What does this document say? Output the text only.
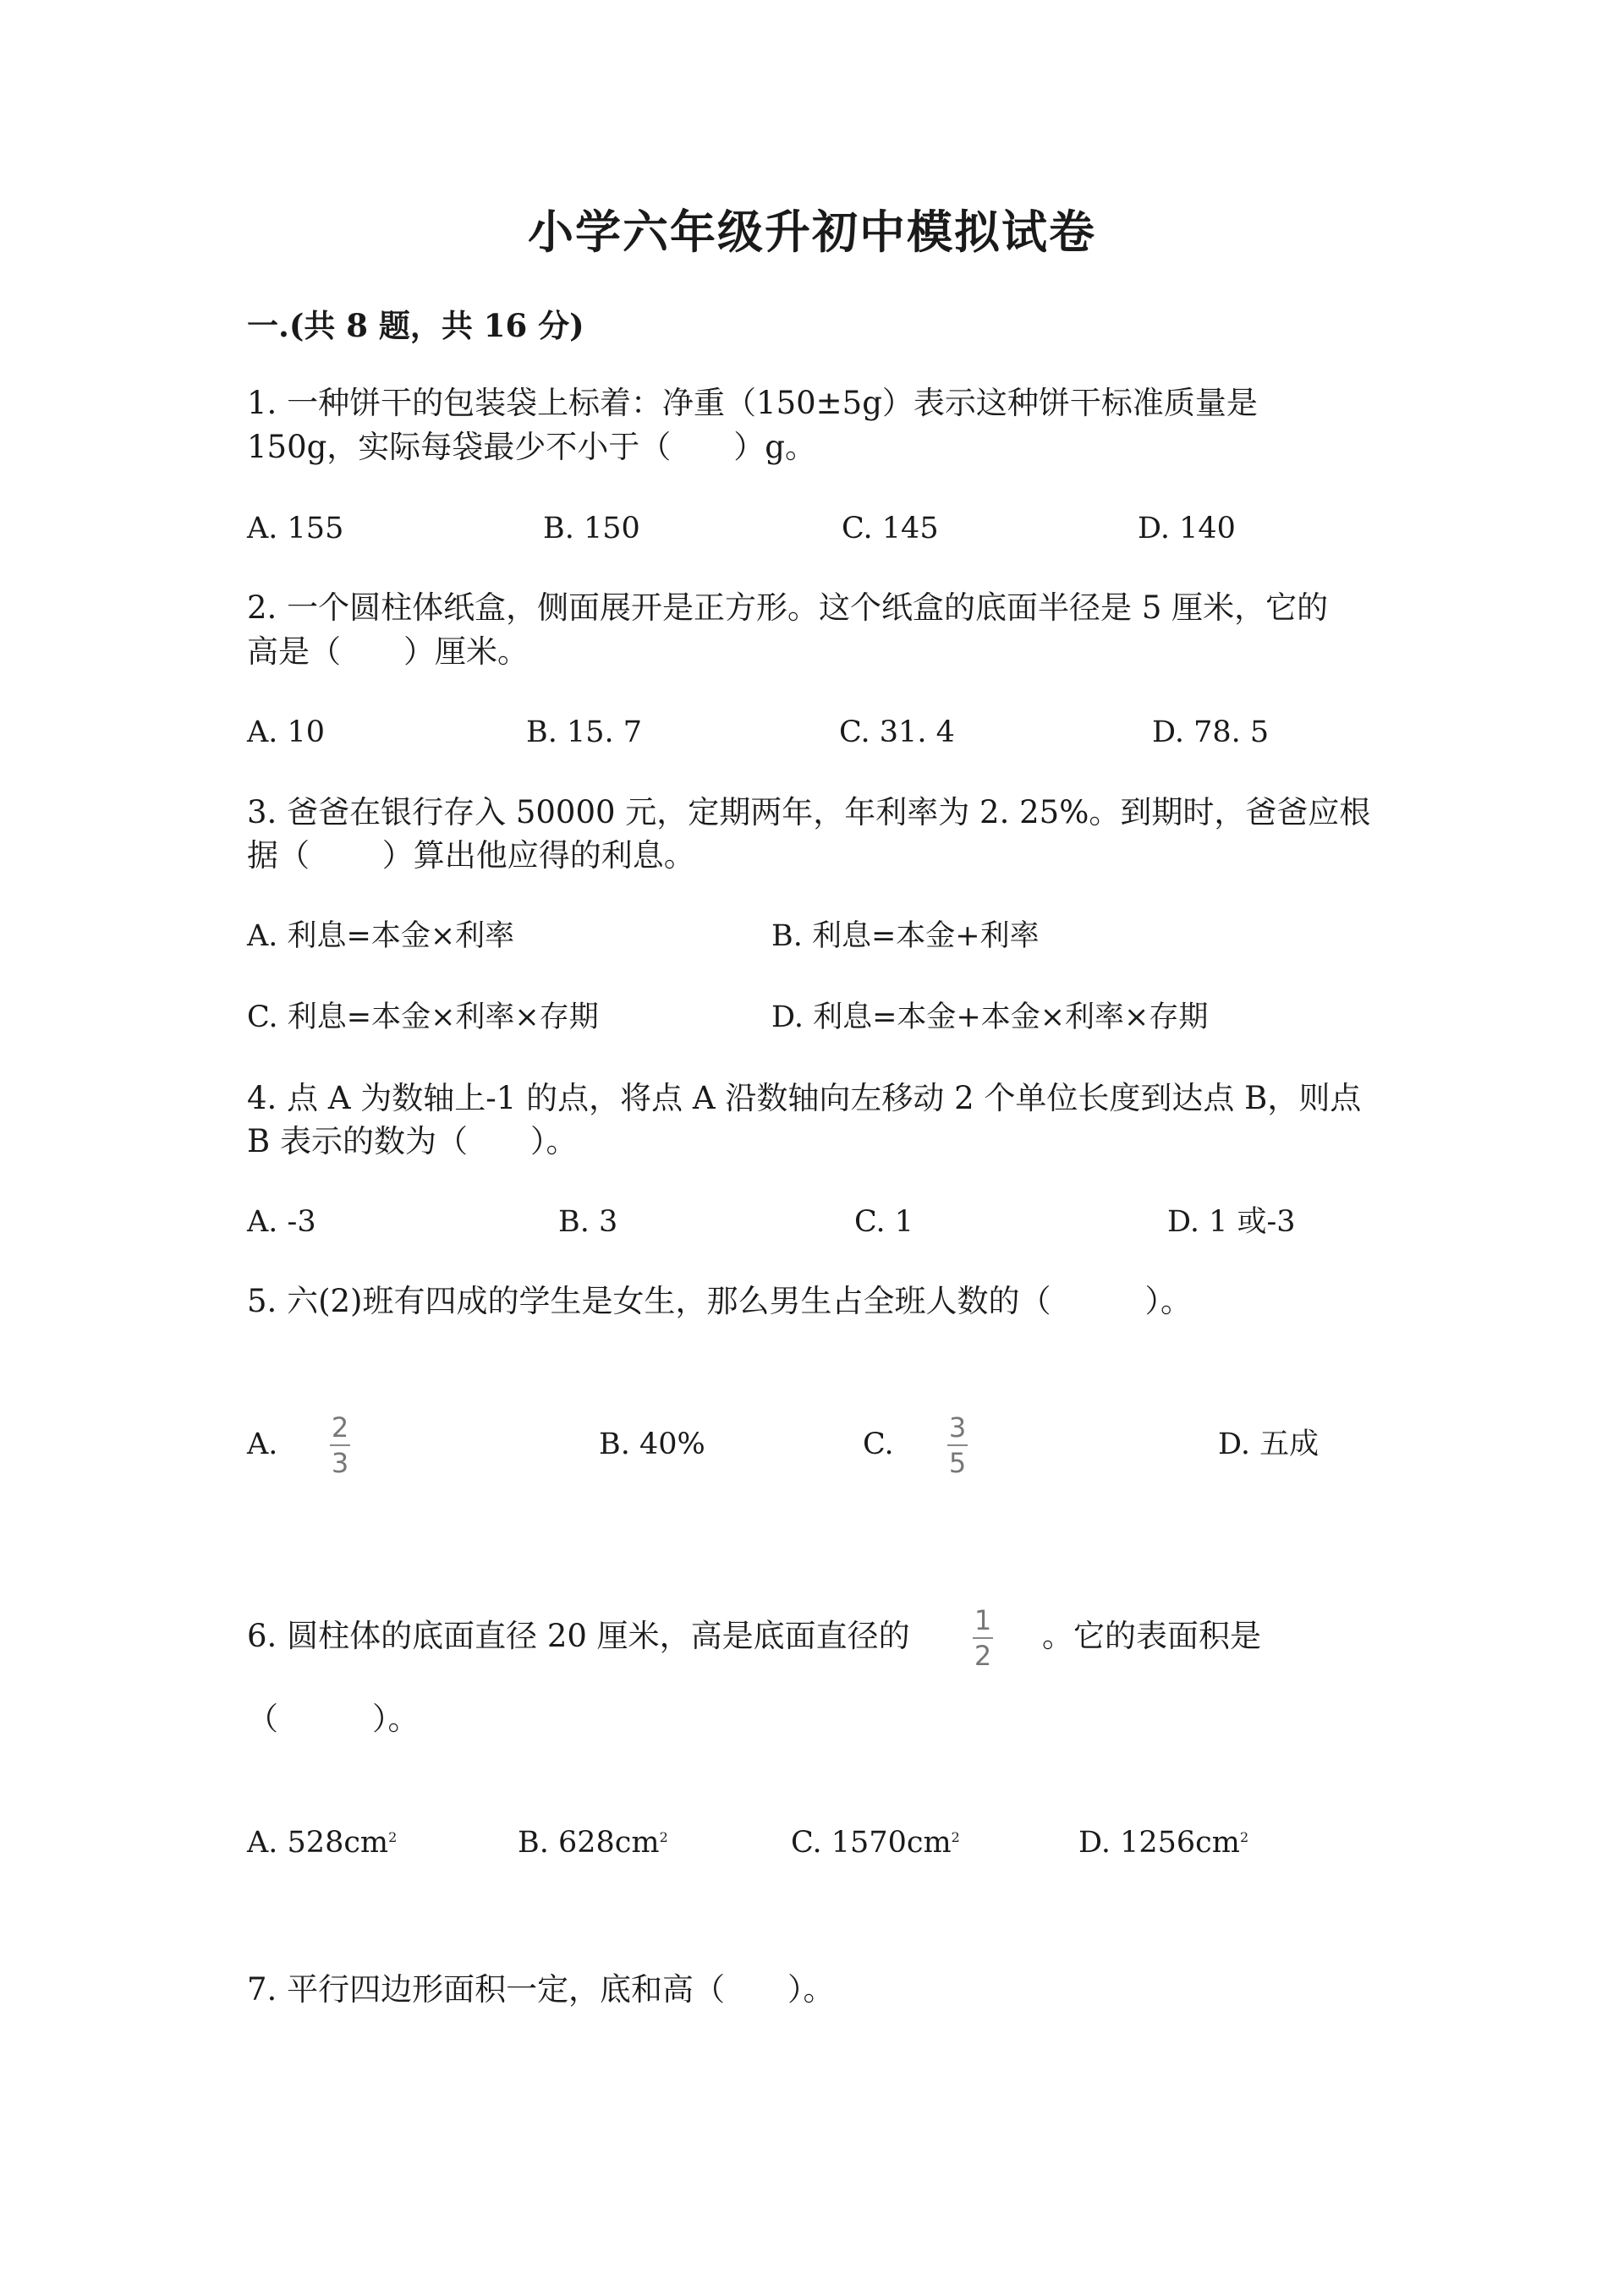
小学六年级升初中模拟试卷
一.(共 8 题，共 16 分)
1. 一种饼干的包装袋上标着：净重（150±5g）表示这种饼干标准质量是
150g，实际每袋最少不小于（　　）g。
A. 155	B. 150	C. 145	D. 140
2. 一个圆柱体纸盒，侧面展开是正方形。这个纸盒的底面半径是 5 厘米，它的
高是（　　）厘米。
A. 10	B. 15. 7	C. 31. 4	D. 78. 5
3. 爸爸在银行存入 50000 元，定期两年，年利率为 2. 25%。到期时，爸爸应根
据（　　 ）算出他应得的利息。
A. 利息=本金×利率	B. 利息=本金+利率
C. 利息=本金×利率×存期	D. 利息=本金+本金×利率×存期
4. 点 A 为数轴上-1 的点，将点 A 沿数轴向左移动 2 个单位长度到达点 B，则点
B 表示的数为（　　）。
A. -3	B. 3	C. 1	D. 1 或-3
5. 六(2)班有四成的学生是女生，那么男生占全班人数的（　　　）。
A. 2
3
B. 40%	C. 3
5
D. 五成
6. 圆柱体的底面直径 20 厘米，高是底面直径的 1
2
。它的表面积是
（　　　）。
A. $528cm^2$	B. $628cm^2$	C. $1570cm^2$	D. $1256cm^2$
7. 平行四边形面积一定，底和高（　　）。
